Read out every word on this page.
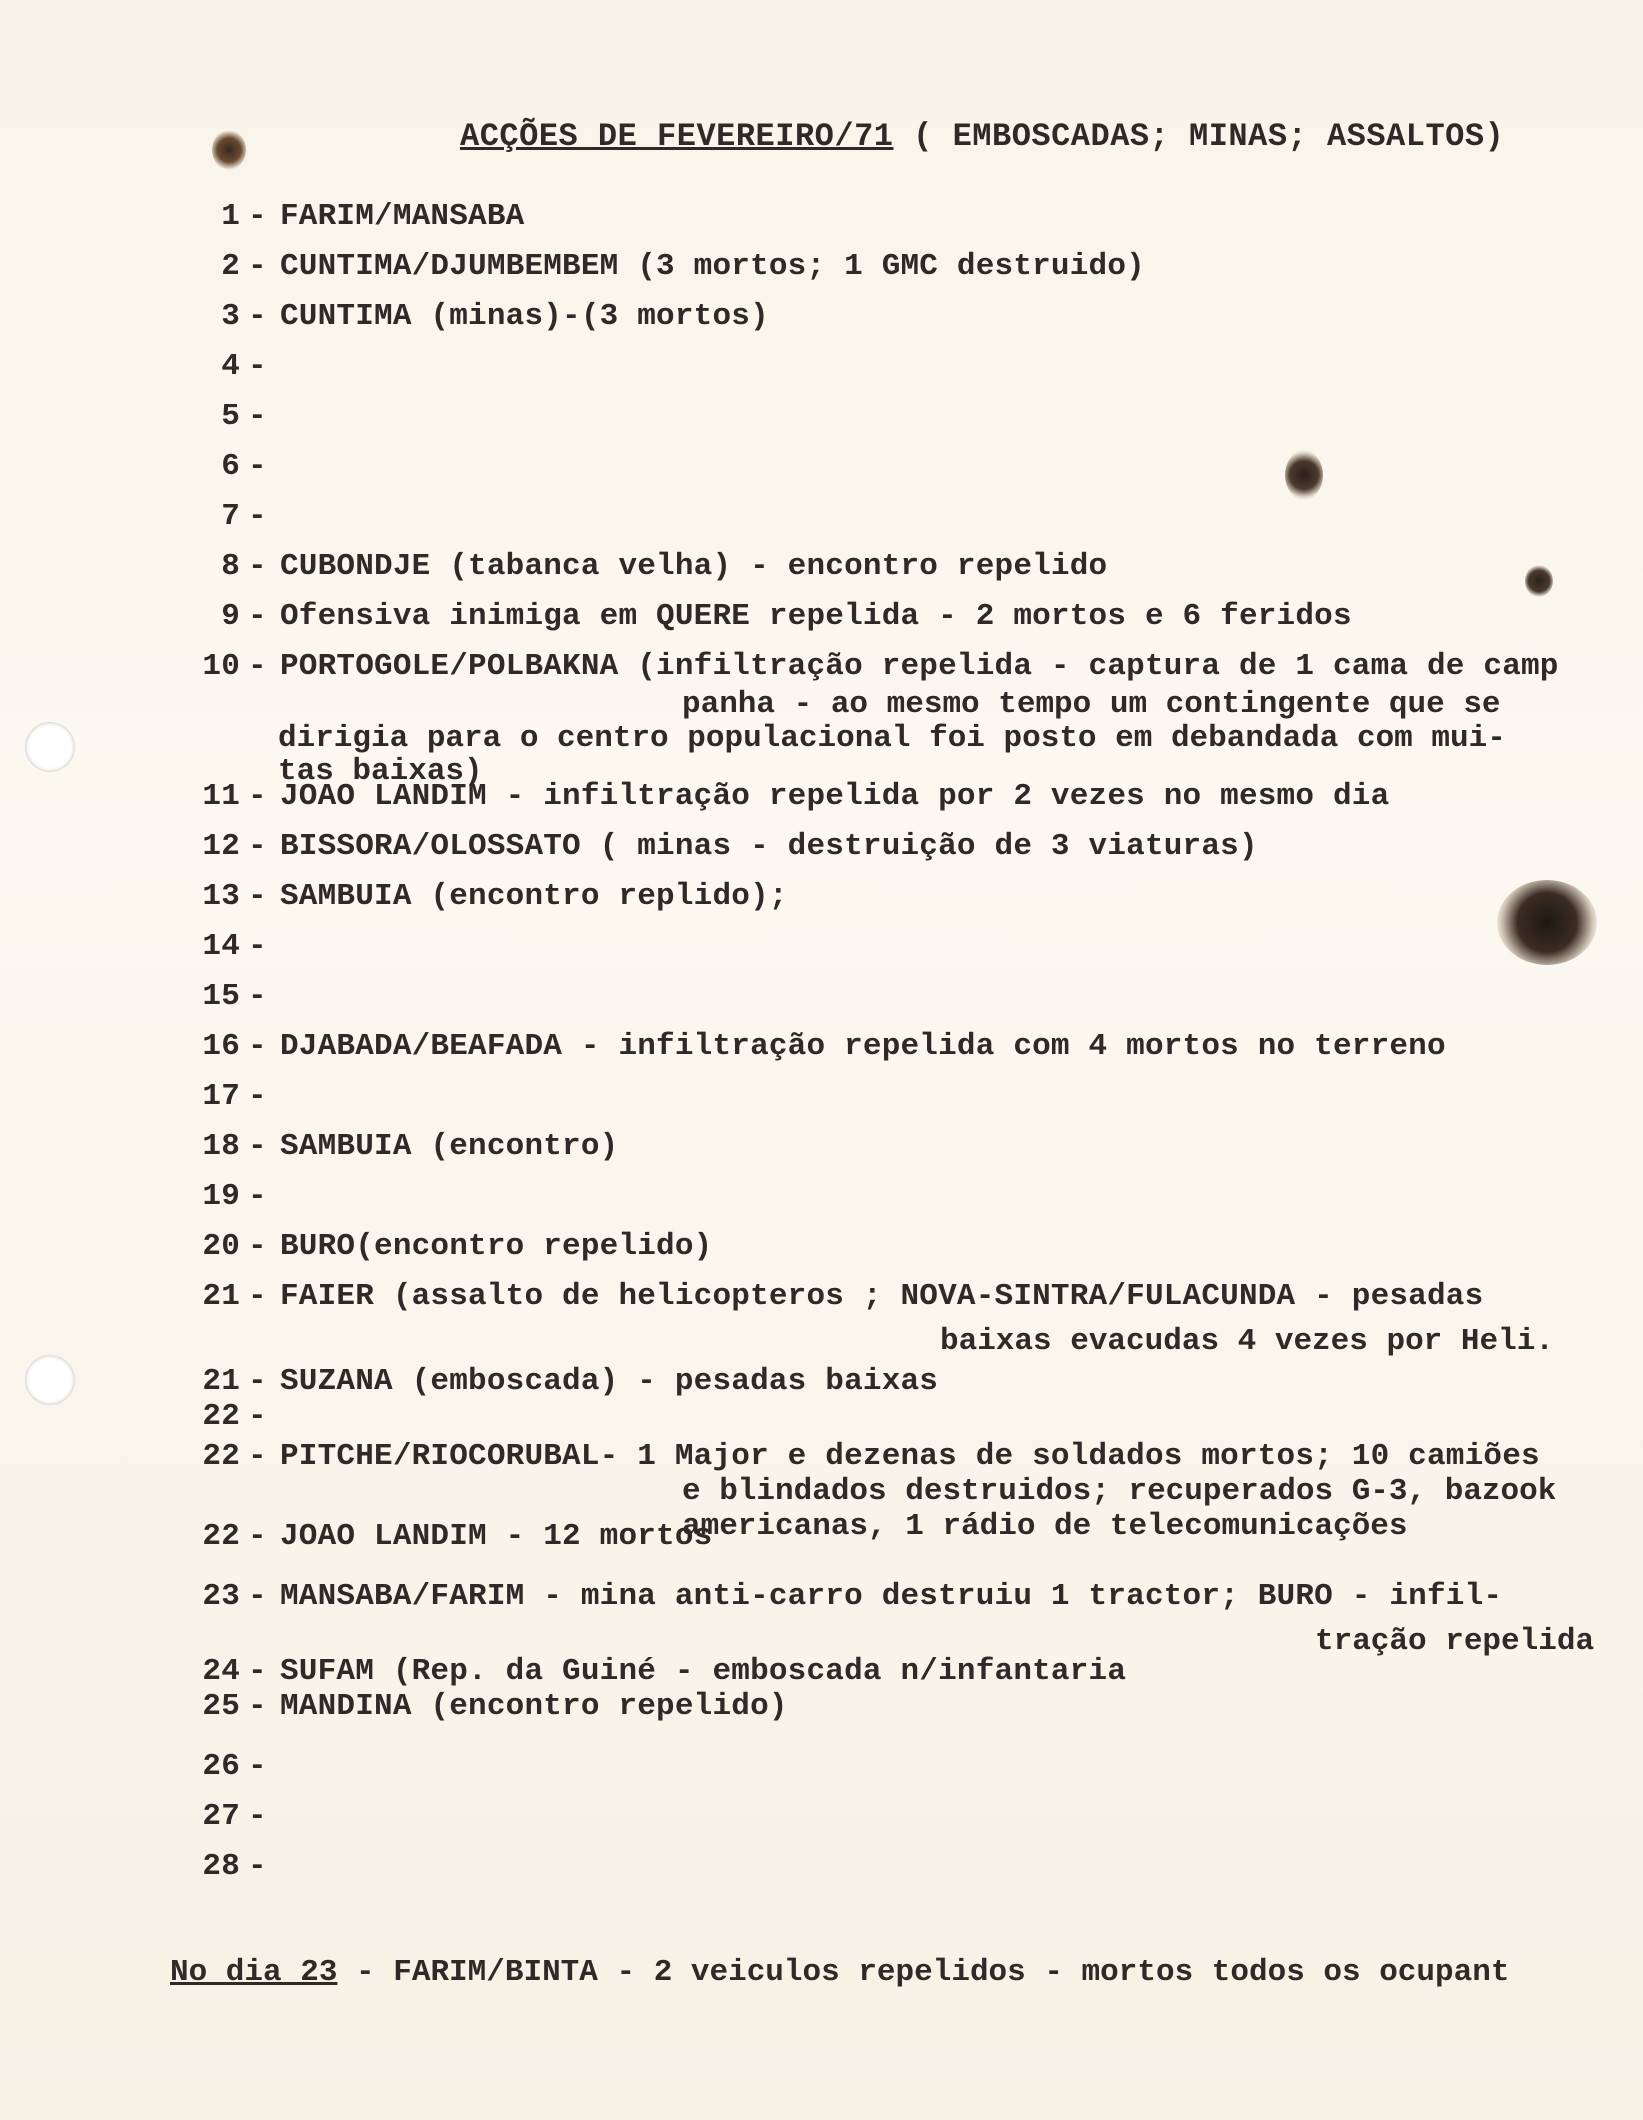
ACÇÕES DE FEVEREIRO/71 ( EMBOSCADAS; MINAS; ASSALTOS)
1 - FARIM/MANSABA
2 - CUNTIMA/DJUMBEMBEM (3 mortos; 1 GMC destruido)
3 - CUNTIMA (minas)-(3 mortos)
4 -
5 -
6 -
7 -
8 - CUBONDJE (tabanca velha) - encontro repelido
9 - Ofensiva inimiga em QUERE repelida - 2 mortos e 6 feridos
10 - PORTOGOLE/POLBAKNA (infiltração repelida - captura de 1 cama de camp
panha - ao mesmo tempo um contingente que se
dirigia para o centro populacional foi posto em debandada com mui-
tas baixas)
11 - JOAO LANDIM - infiltração repelida por 2 vezes no mesmo dia
12 - BISSORA/OLOSSATO ( minas - destruição de 3 viaturas)
13 - SAMBUIA (encontro replido);
14 -
15 -
16 - DJABADA/BEAFADA - infiltração repelida com 4 mortos no terreno
17 -
18 - SAMBUIA (encontro)
19 -
20 - BURO(encontro repelido)
21 - FAIER (assalto de helicopteros ; NOVA-SINTRA/FULACUNDA - pesadas
baixas evacudas 4 vezes por Heli.
21 - SUZANA (emboscada) - pesadas baixas
22 -
22 - PITCHE/RIOCORUBAL- 1 Major e dezenas de soldados mortos; 10 camiões
e blindados destruidos; recuperados G-3, bazook
americanas, 1 rádio de telecomunicações
22 - JOAO LANDIM - 12 mortos
23 - MANSABA/FARIM - mina anti-carro destruiu 1 tractor; BURO - infil-
tração repelida
24 - SUFAM (Rep. da Guiné - emboscada n/infantaria
25 - MANDINA (encontro repelido)
26 -
27 -
28 -
No dia 23 - FARIM/BINTA - 2 veiculos repelidos - mortos todos os ocupant
